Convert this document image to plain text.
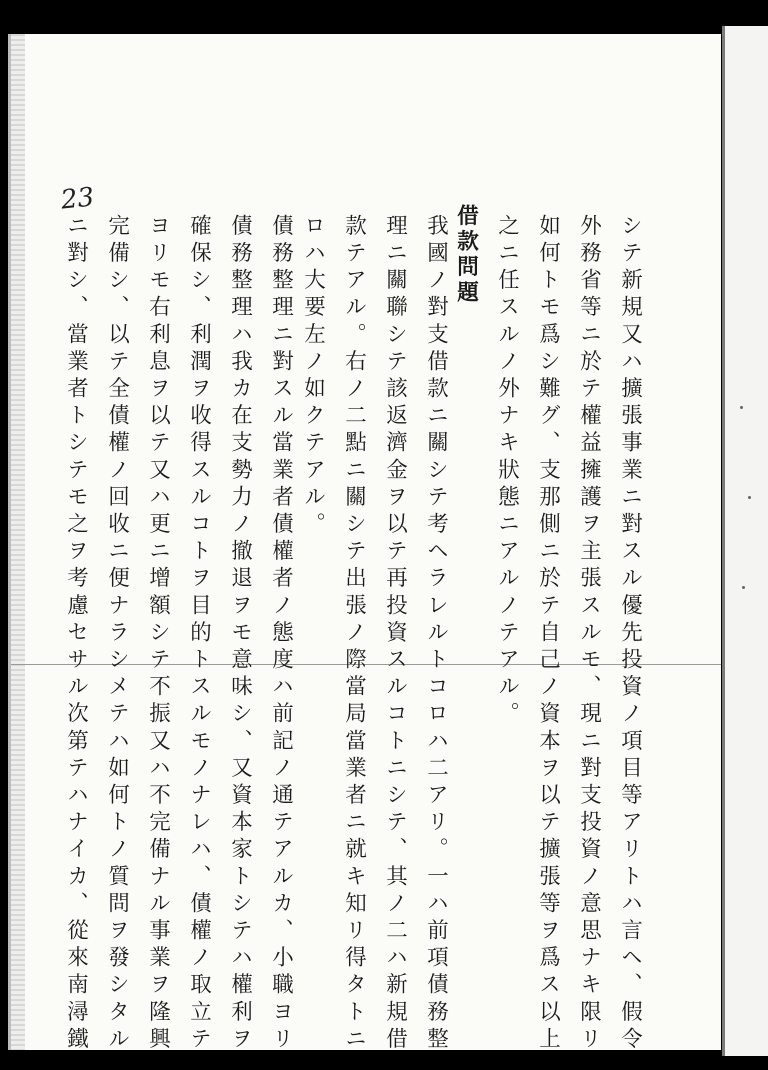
23
シテ新規又ハ擴張事業ニ對スル優先投資ノ項目等アリトハ言ヘ、假令
外務省等ニ於テ權益擁護ヲ主張スルモ、現ニ對支投資ノ意思ナキ限リ
如何トモ爲シ難グ、支那側ニ於テ自己ノ資本ヲ以テ擴張等ヲ爲ス以上
之ニ任スルノ外ナキ狀態ニアルノテアル。
借款問題
我國ノ對支借款ニ關シテ考ヘラレルトコロハ二アリ。一ハ前項債務整
理ニ關聯シテ該返濟金ヲ以テ再投資スルコトニシテ、其ノ二ハ新規借
款テアル。右ノ二點ニ關シテ出張ノ際當局當業者ニ就キ知リ得タトニ
ロハ大要左ノ如クテアル。
債務整理ニ對スル當業者債權者ノ態度ハ前記ノ通テアルカ、小職ヨリ
債務整理ハ我カ在支勢力ノ撤退ヲモ意味シ、又資本家トシテハ權利ヲ
確保シ、利潤ヲ收得スルコトヲ目的トスルモノナレハ、債權ノ取立テ
ヨリモ右利息ヲ以テ又ハ更ニ增額シテ不振又ハ不完備ナル事業ヲ隆興
完備シ、以テ全債權ノ回收ニ便ナラシメテハ如何トノ質問ヲ發シタル
ニ對シ、當業者トシテモ之ヲ考慮セサル次第テハナイカ、從來南潯鐵
